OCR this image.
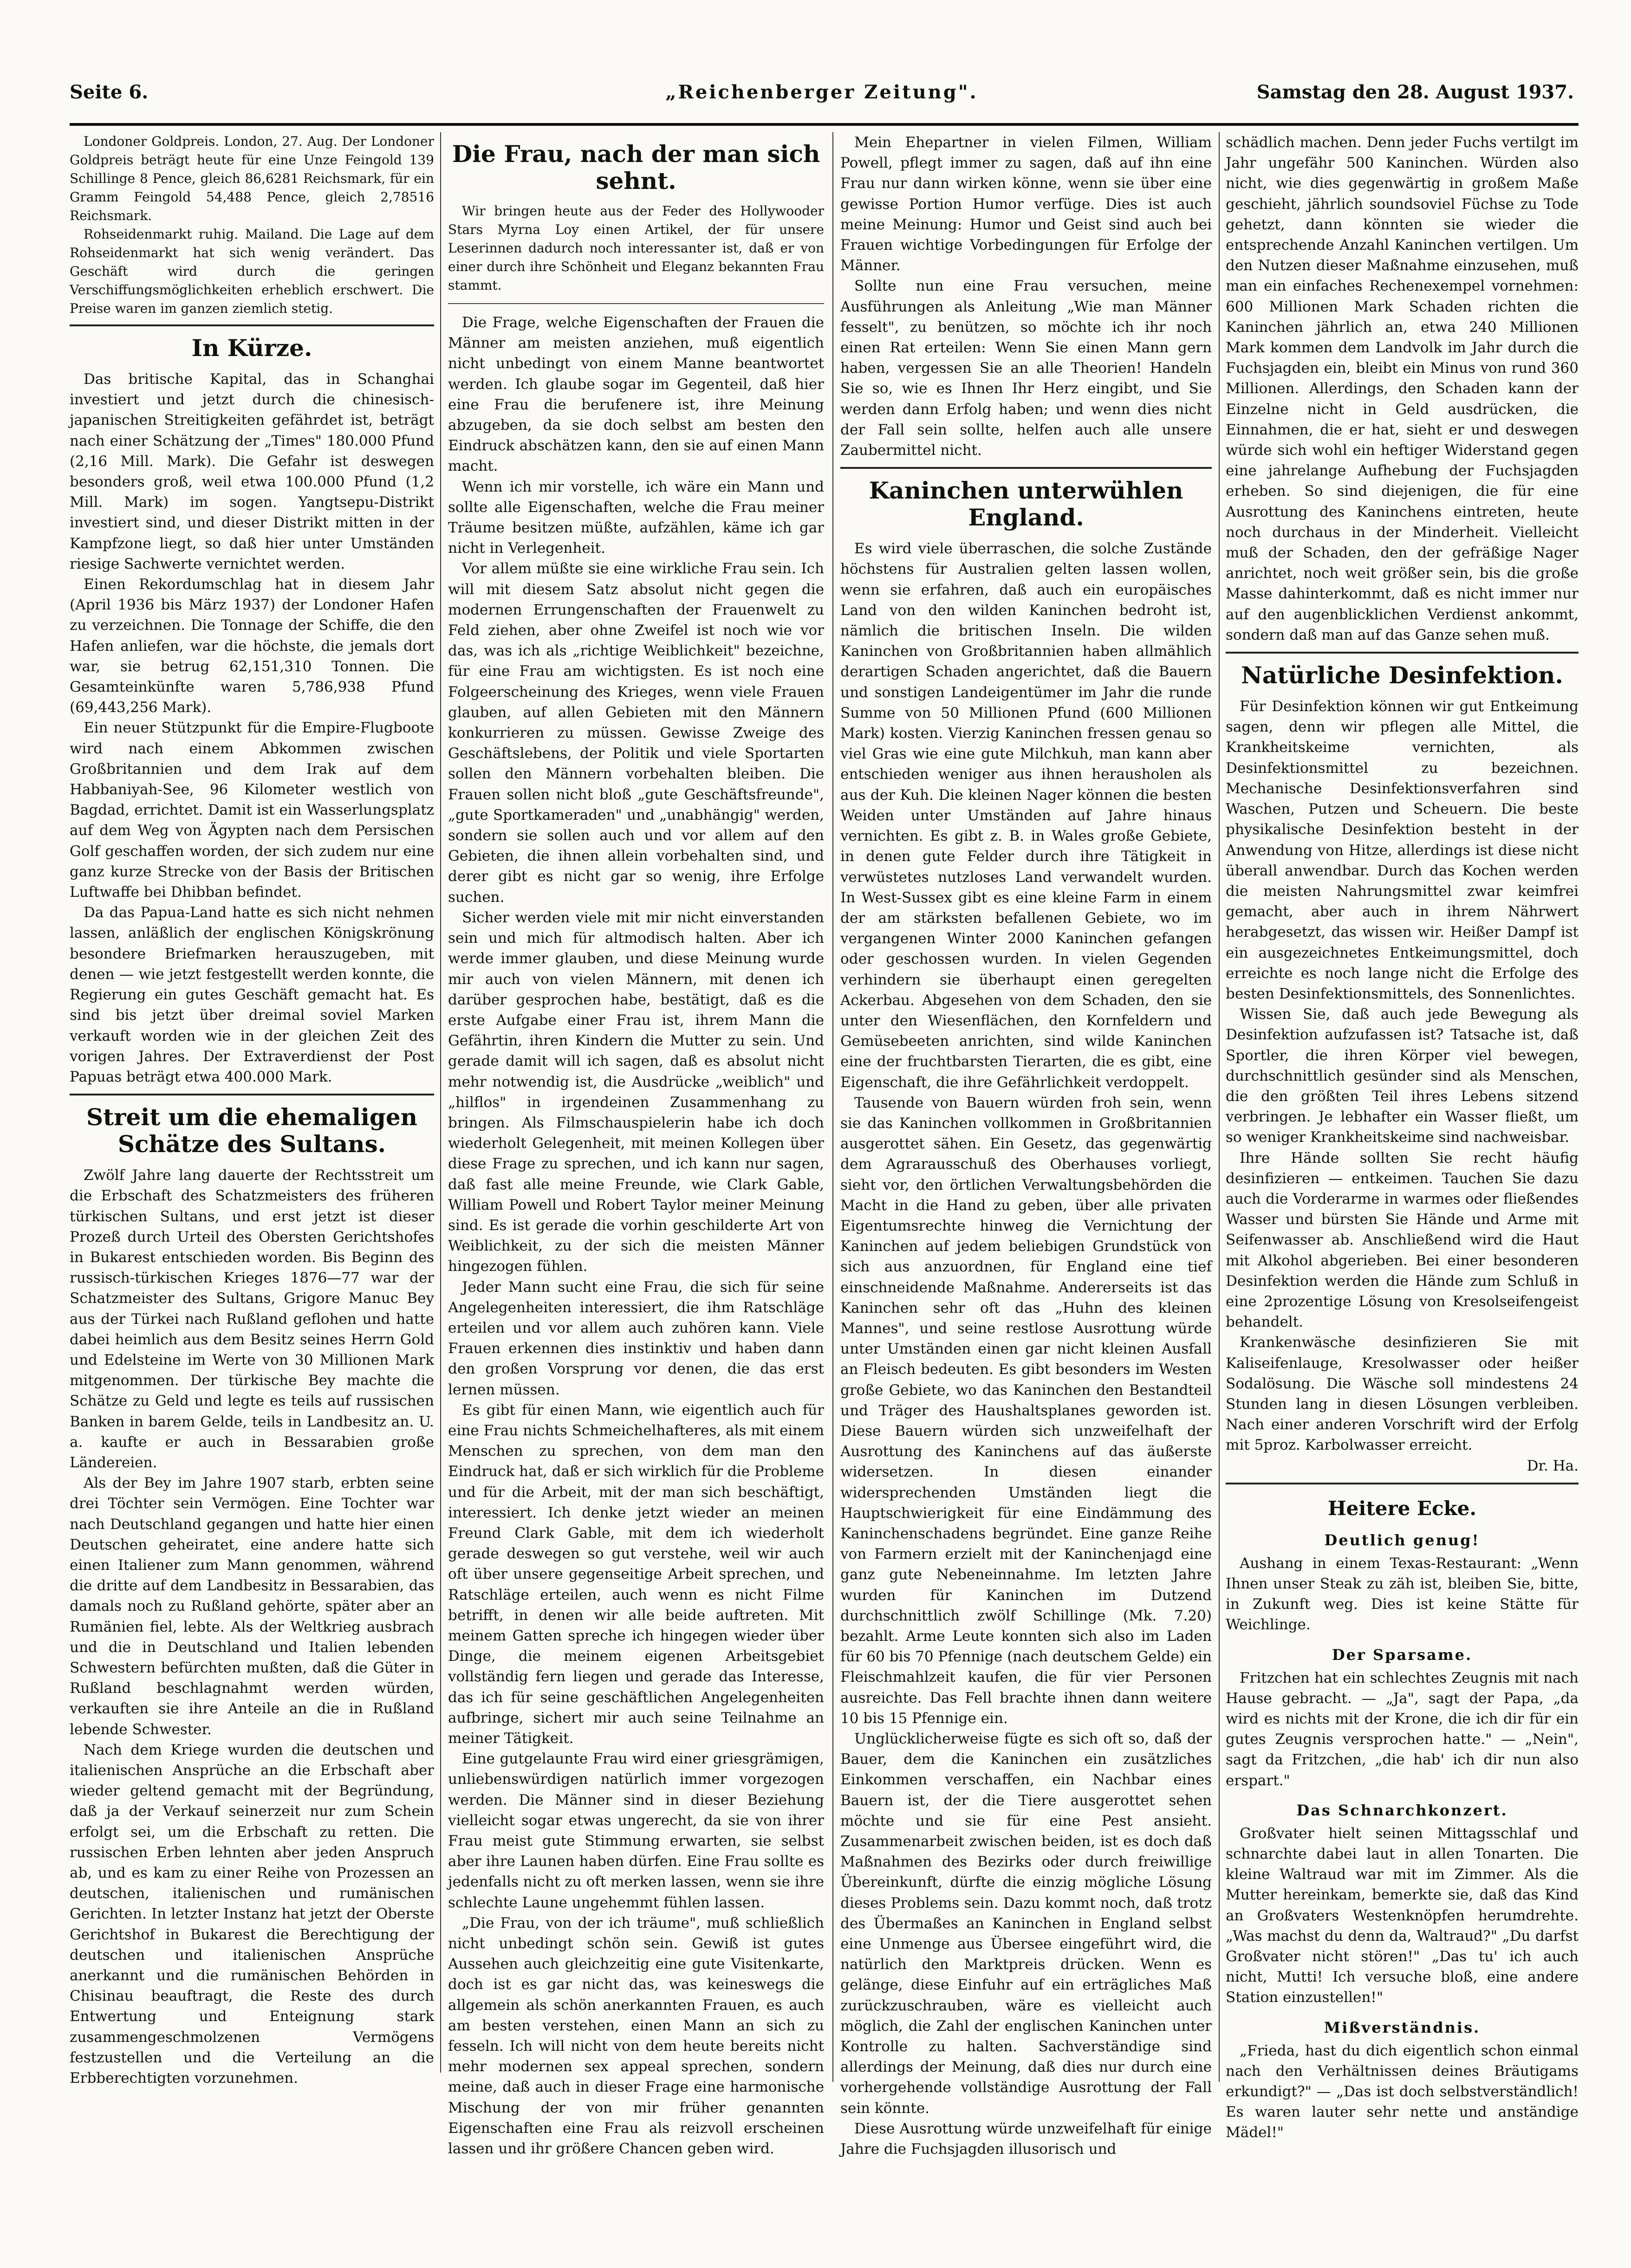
Seite 6.	„Reichenberger Zeitung".	Samstag den 28. August 1937.

Londoner Goldpreis. London, 27. Aug. Der Londoner Goldpreis beträgt heute für eine Unze Feingold 139 Schillinge 8 Pence, gleich 86,6281 Reichsmark, für ein Gramm Feingold 54,488 Pence, gleich 2,78516 Reichsmark.

Rohseidenmarkt ruhig. Mailand. Die Lage auf dem Rohseidenmarkt hat sich wenig verändert. Das Geschäft wird durch die geringen Verschiffungsmöglichkeiten erheblich erschwert. Die Preise waren im ganzen ziemlich stetig.

In Kürze.

Das britische Kapital, das in Schanghai investiert und jetzt durch die chinesisch-japanischen Streitigkeiten gefährdet ist, beträgt nach einer Schätzung der „Times" 180.000 Pfund (2,16 Mill. Mark). Die Gefahr ist deswegen besonders groß, weil etwa 100.000 Pfund (1,2 Mill. Mark) im sogen. Yangtsepu-Distrikt investiert sind, und dieser Distrikt mitten in der Kampfzone liegt, so daß hier unter Umständen riesige Sachwerte vernichtet werden.

Einen Rekordumschlag hat in diesem Jahr (April 1936 bis März 1937) der Londoner Hafen zu verzeichnen. Die Tonnage der Schiffe, die den Hafen anliefen, war die höchste, die jemals dort war, sie betrug 62,151,310 Tonnen. Die Gesamteinkünfte waren 5,786,938 Pfund (69,443,256 Mark).

Ein neuer Stützpunkt für die Empire-Flugboote wird nach einem Abkommen zwischen Großbritannien und dem Irak auf dem Habbaniyah-See, 96 Kilometer westlich von Bagdad, errichtet. Damit ist ein Wasserlungsplatz auf dem Weg von Ägypten nach dem Persischen Golf geschaffen worden, der sich zudem nur eine ganz kurze Strecke von der Basis der Britischen Luftwaffe bei Dhibban befindet.

Da das Papua-Land hatte es sich nicht nehmen lassen, anläßlich der englischen Königskrönung besondere Briefmarken herauszugeben, mit denen — wie jetzt festgestellt werden konnte, die Regierung ein gutes Geschäft gemacht hat. Es sind bis jetzt über dreimal soviel Marken verkauft worden wie in der gleichen Zeit des vorigen Jahres. Der Extraverdienst der Post Papuas beträgt etwa 400.000 Mark.

Streit um die ehemaligen Schätze des Sultans.

Zwölf Jahre lang dauerte der Rechtsstreit um die Erbschaft des Schatzmeisters des früheren türkischen Sultans, und erst jetzt ist dieser Prozeß durch Urteil des Obersten Gerichtshofes in Bukarest entschieden worden. Bis Beginn des russisch-türkischen Krieges 1876—77 war der Schatzmeister des Sultans, Grigore Manuc Bey aus der Türkei nach Rußland geflohen und hatte dabei heimlich aus dem Besitz seines Herrn Gold und Edelsteine im Werte von 30 Millionen Mark mitgenommen. Der türkische Bey machte die Schätze zu Geld und legte es teils auf russischen Banken in barem Gelde, teils in Landbesitz an. U. a. kaufte er auch in Bessarabien große Ländereien.

Als der Bey im Jahre 1907 starb, erbten seine drei Töchter sein Vermögen. Eine Tochter war nach Deutschland gegangen und hatte hier einen Deutschen geheiratet, eine andere hatte sich einen Italiener zum Mann genommen, während die dritte auf dem Landbesitz in Bessarabien, das damals noch zu Rußland gehörte, später aber an Rumänien fiel, lebte. Als der Weltkrieg ausbrach und die in Deutschland und Italien lebenden Schwestern befürchten mußten, daß die Güter in Rußland beschlagnahmt werden würden, verkauften sie ihre Anteile an die in Rußland lebende Schwester.

Nach dem Kriege wurden die deutschen und italienischen Ansprüche an die Erbschaft aber wieder geltend gemacht mit der Begründung, daß ja der Verkauf seinerzeit nur zum Schein erfolgt sei, um die Erbschaft zu retten. Die russischen Erben lehnten aber jeden Anspruch ab, und es kam zu einer Reihe von Prozessen an deutschen, italienischen und rumänischen Gerichten. In letzter Instanz hat jetzt der Oberste Gerichtshof in Bukarest die Berechtigung der deutschen und italienischen Ansprüche anerkannt und die rumänischen Behörden in Chisinau beauftragt, die Reste des durch Entwertung und Enteignung stark zusammengeschmolzenen Vermögens festzustellen und die Verteilung an die Erbberechtigten vorzunehmen.

Die Frau, nach der man sich sehnt.

Wir bringen heute aus der Feder des Hollywooder Stars Myrna Loy einen Artikel, der für unsere Leserinnen dadurch noch interessanter ist, daß er von einer durch ihre Schönheit und Eleganz bekannten Frau stammt.

Die Frage, welche Eigenschaften der Frauen die Männer am meisten anziehen, muß eigentlich nicht unbedingt von einem Manne beantwortet werden. Ich glaube sogar im Gegenteil, daß hier eine Frau die berufenere ist, ihre Meinung abzugeben, da sie doch selbst am besten den Eindruck abschätzen kann, den sie auf einen Mann macht.

Wenn ich mir vorstelle, ich wäre ein Mann und sollte alle Eigenschaften, welche die Frau meiner Träume besitzen müßte, aufzählen, käme ich gar nicht in Verlegenheit.

Vor allem müßte sie eine wirkliche Frau sein. Ich will mit diesem Satz absolut nicht gegen die modernen Errungenschaften der Frauenwelt zu Feld ziehen, aber ohne Zweifel ist noch wie vor das, was ich als „richtige Weiblichkeit" bezeichne, für eine Frau am wichtigsten. Es ist noch eine Folgeerscheinung des Krieges, wenn viele Frauen glauben, auf allen Gebieten mit den Männern konkurrieren zu müssen. Gewisse Zweige des Geschäftslebens, der Politik und viele Sportarten sollen den Männern vorbehalten bleiben. Die Frauen sollen nicht bloß „gute Geschäftsfreunde", „gute Sportkameraden" und „unabhängig" werden, sondern sie sollen auch und vor allem auf den Gebieten, die ihnen allein vorbehalten sind, und derer gibt es nicht gar so wenig, ihre Erfolge suchen.

Sicher werden viele mit mir nicht einverstanden sein und mich für altmodisch halten. Aber ich werde immer glauben, und diese Meinung wurde mir auch von vielen Männern, mit denen ich darüber gesprochen habe, bestätigt, daß es die erste Aufgabe einer Frau ist, ihrem Mann die Gefährtin, ihren Kindern die Mutter zu sein. Und gerade damit will ich sagen, daß es absolut nicht mehr notwendig ist, die Ausdrücke „weiblich" und „hilflos" in irgendeinen Zusammenhang zu bringen. Als Filmschauspielerin habe ich doch wiederholt Gelegenheit, mit meinen Kollegen über diese Frage zu sprechen, und ich kann nur sagen, daß fast alle meine Freunde, wie Clark Gable, William Powell und Robert Taylor meiner Meinung sind. Es ist gerade die vorhin geschilderte Art von Weiblichkeit, zu der sich die meisten Männer hingezogen fühlen.

Jeder Mann sucht eine Frau, die sich für seine Angelegenheiten interessiert, die ihm Ratschläge erteilen und vor allem auch zuhören kann. Viele Frauen erkennen dies instinktiv und haben dann den großen Vorsprung vor denen, die das erst lernen müssen.

Es gibt für einen Mann, wie eigentlich auch für eine Frau nichts Schmeichelhafteres, als mit einem Menschen zu sprechen, von dem man den Eindruck hat, daß er sich wirklich für die Probleme und für die Arbeit, mit der man sich beschäftigt, interessiert. Ich denke jetzt wieder an meinen Freund Clark Gable, mit dem ich wiederholt gerade deswegen so gut verstehe, weil wir auch oft über unsere gegenseitige Arbeit sprechen, und Ratschläge erteilen, auch wenn es nicht Filme betrifft, in denen wir alle beide auftreten. Mit meinem Gatten spreche ich hingegen wieder über Dinge, die meinem eigenen Arbeitsgebiet vollständig fern liegen und gerade das Interesse, das ich für seine geschäftlichen Angelegenheiten aufbringe, sichert mir auch seine Teilnahme an meiner Tätigkeit.

Eine gutgelaunte Frau wird einer griesgrämigen, unliebenswürdigen natürlich immer vorgezogen werden. Die Männer sind in dieser Beziehung vielleicht sogar etwas ungerecht, da sie von ihrer Frau meist gute Stimmung erwarten, sie selbst aber ihre Launen haben dürfen. Eine Frau sollte es jedenfalls nicht zu oft merken lassen, wenn sie ihre schlechte Laune ungehemmt fühlen lassen.

„Die Frau, von der ich träume", muß schließlich nicht unbedingt schön sein. Gewiß ist gutes Aussehen auch gleichzeitig eine gute Visitenkarte, doch ist es gar nicht das, was keineswegs die allgemein als schön anerkannten Frauen, es auch am besten verstehen, einen Mann an sich zu fesseln. Ich will nicht von dem heute bereits nicht mehr modernen sex appeal sprechen, sondern meine, daß auch in dieser Frage eine harmonische Mischung der von mir früher genannten Eigenschaften eine Frau als reizvoll erscheinen lassen und ihr größere Chancen geben wird.

Mein Ehepartner in vielen Filmen, William Powell, pflegt immer zu sagen, daß auf ihn eine Frau nur dann wirken könne, wenn sie über eine gewisse Portion Humor verfüge. Dies ist auch meine Meinung: Humor und Geist sind auch bei Frauen wichtige Vorbedingungen für Erfolge der Männer.

Sollte nun eine Frau versuchen, meine Ausführungen als Anleitung „Wie man Männer fesselt", zu benützen, so möchte ich ihr noch einen Rat erteilen: Wenn Sie einen Mann gern haben, vergessen Sie an alle Theorien! Handeln Sie so, wie es Ihnen Ihr Herz eingibt, und Sie werden dann Erfolg haben; und wenn dies nicht der Fall sein sollte, helfen auch alle unsere Zaubermittel nicht.

Kaninchen unterwühlen England.

Es wird viele überraschen, die solche Zustände höchstens für Australien gelten lassen wollen, wenn sie erfahren, daß auch ein europäisches Land von den wilden Kaninchen bedroht ist, nämlich die britischen Inseln. Die wilden Kaninchen von Großbritannien haben allmählich derartigen Schaden angerichtet, daß die Bauern und sonstigen Landeigentümer im Jahr die runde Summe von 50 Millionen Pfund (600 Millionen Mark) kosten. Vierzig Kaninchen fressen genau so viel Gras wie eine gute Milchkuh, man kann aber entschieden weniger aus ihnen herausholen als aus der Kuh. Die kleinen Nager können die besten Weiden unter Umständen auf Jahre hinaus vernichten. Es gibt z. B. in Wales große Gebiete, in denen gute Felder durch ihre Tätigkeit in verwüstetes nutzloses Land verwandelt wurden. In West-Sussex gibt es eine kleine Farm in einem der am stärksten befallenen Gebiete, wo im vergangenen Winter 2000 Kaninchen gefangen oder geschossen wurden. In vielen Gegenden verhindern sie überhaupt einen geregelten Ackerbau. Abgesehen von dem Schaden, den sie unter den Wiesenflächen, den Kornfeldern und Gemüsebeeten anrichten, sind wilde Kaninchen eine der fruchtbarsten Tierarten, die es gibt, eine Eigenschaft, die ihre Gefährlichkeit verdoppelt.

Tausende von Bauern würden froh sein, wenn sie das Kaninchen vollkommen in Großbritannien ausgerottet sähen. Ein Gesetz, das gegenwärtig dem Agrarausschuß des Oberhauses vorliegt, sieht vor, den örtlichen Verwaltungsbehörden die Macht in die Hand zu geben, über alle privaten Eigentumsrechte hinweg die Vernichtung der Kaninchen auf jedem beliebigen Grundstück von sich aus anzuordnen, für England eine tief einschneidende Maßnahme. Andererseits ist das Kaninchen sehr oft das „Huhn des kleinen Mannes", und seine restlose Ausrottung würde unter Umständen einen gar nicht kleinen Ausfall an Fleisch bedeuten. Es gibt besonders im Westen große Gebiete, wo das Kaninchen den Bestandteil und Träger des Haushaltsplanes geworden ist. Diese Bauern würden sich unzweifelhaft der Ausrottung des Kaninchens auf das äußerste widersetzen. In diesen einander widersprechenden Umständen liegt die Hauptschwierigkeit für eine Eindämmung des Kaninchenschadens begründet. Eine ganze Reihe von Farmern erzielt mit der Kaninchenjagd eine ganz gute Nebeneinnahme. Im letzten Jahre wurden für Kaninchen im Dutzend durchschnittlich zwölf Schillinge (Mk. 7.20) bezahlt. Arme Leute konnten sich also im Laden für 60 bis 70 Pfennige (nach deutschem Gelde) ein Fleischmahlzeit kaufen, die für vier Personen ausreichte. Das Fell brachte ihnen dann weitere 10 bis 15 Pfennige ein.

Unglücklicherweise fügte es sich oft so, daß der Bauer, dem die Kaninchen ein zusätzliches Einkommen verschaffen, ein Nachbar eines Bauern ist, der die Tiere ausgerottet sehen möchte und sie für eine Pest ansieht. Zusammenarbeit zwischen beiden, ist es doch daß Maßnahmen des Bezirks oder durch freiwillige Übereinkunft, dürfte die einzig mögliche Lösung dieses Problems sein. Dazu kommt noch, daß trotz des Übermaßes an Kaninchen in England selbst eine Unmenge aus Übersee eingeführt wird, die natürlich den Marktpreis drücken. Wenn es gelänge, diese Einfuhr auf ein erträgliches Maß zurückzuschrauben, wäre es vielleicht auch möglich, die Zahl der englischen Kaninchen unter Kontrolle zu halten. Sachverständige sind allerdings der Meinung, daß dies nur durch eine vorhergehende vollständige Ausrottung der Fall sein könnte.

Diese Ausrottung würde unzweifelhaft für einige Jahre die Fuchsjagden illusorisch und

schädlich machen. Denn jeder Fuchs vertilgt im Jahr ungefähr 500 Kaninchen. Würden also nicht, wie dies gegenwärtig in großem Maße geschieht, jährlich soundsoviel Füchse zu Tode gehetzt, dann könnten sie wieder die entsprechende Anzahl Kaninchen vertilgen. Um den Nutzen dieser Maßnahme einzusehen, muß man ein einfaches Rechenexempel vornehmen: 600 Millionen Mark Schaden richten die Kaninchen jährlich an, etwa 240 Millionen Mark kommen dem Landvolk im Jahr durch die Fuchsjagden ein, bleibt ein Minus von rund 360 Millionen. Allerdings, den Schaden kann der Einzelne nicht in Geld ausdrücken, die Einnahmen, die er hat, sieht er und deswegen würde sich wohl ein heftiger Widerstand gegen eine jahrelange Aufhebung der Fuchsjagden erheben. So sind diejenigen, die für eine Ausrottung des Kaninchens eintreten, heute noch durchaus in der Minderheit. Vielleicht muß der Schaden, den der gefräßige Nager anrichtet, noch weit größer sein, bis die große Masse dahinterkommt, daß es nicht immer nur auf den augenblicklichen Verdienst ankommt, sondern daß man auf das Ganze sehen muß.

Natürliche Desinfektion.

Für Desinfektion können wir gut Entkeimung sagen, denn wir pflegen alle Mittel, die Krankheitskeime vernichten, als Desinfektionsmittel zu bezeichnen. Mechanische Desinfektionsverfahren sind Waschen, Putzen und Scheuern. Die beste physikalische Desinfektion besteht in der Anwendung von Hitze, allerdings ist diese nicht überall anwendbar. Durch das Kochen werden die meisten Nahrungsmittel zwar keimfrei gemacht, aber auch in ihrem Nährwert herabgesetzt, das wissen wir. Heißer Dampf ist ein ausgezeichnetes Entkeimungsmittel, doch erreichte es noch lange nicht die Erfolge des besten Desinfektionsmittels, des Sonnenlichtes.

Wissen Sie, daß auch jede Bewegung als Desinfektion aufzufassen ist? Tatsache ist, daß Sportler, die ihren Körper viel bewegen, durchschnittlich gesünder sind als Menschen, die den größten Teil ihres Lebens sitzend verbringen. Je lebhafter ein Wasser fließt, um so weniger Krankheitskeime sind nachweisbar.

Ihre Hände sollten Sie recht häufig desinfizieren — entkeimen. Tauchen Sie dazu auch die Vorderarme in warmes oder fließendes Wasser und bürsten Sie Hände und Arme mit Seifenwasser ab. Anschließend wird die Haut mit Alkohol abgerieben. Bei einer besonderen Desinfektion werden die Hände zum Schluß in eine 2prozentige Lösung von Kresolseifengeist behandelt.

Krankenwäsche desinfizieren Sie mit Kaliseifenlauge, Kresolwasser oder heißer Sodalösung. Die Wäsche soll mindestens 24 Stunden lang in diesen Lösungen verbleiben. Nach einer anderen Vorschrift wird der Erfolg mit 5proz. Karbolwasser erreicht.

Dr. Ha.

Heitere Ecke.
Deutlich genug!

Aushang in einem Texas-Restaurant: „Wenn Ihnen unser Steak zu zäh ist, bleiben Sie, bitte, in Zukunft weg. Dies ist keine Stätte für Weichlinge.

Der Sparsame.

Fritzchen hat ein schlechtes Zeugnis mit nach Hause gebracht. — „Ja", sagt der Papa, „da wird es nichts mit der Krone, die ich dir für ein gutes Zeugnis versprochen hatte." — „Nein", sagt da Fritzchen, „die hab' ich dir nun also erspart."

Das Schnarchkonzert.

Großvater hielt seinen Mittagsschlaf und schnarchte dabei laut in allen Tonarten. Die kleine Waltraud war mit im Zimmer. Als die Mutter hereinkam, bemerkte sie, daß das Kind an Großvaters Westenknöpfen herumdrehte. „Was machst du denn da, Waltraud?" „Du darfst Großvater nicht stören!" „Das tu' ich auch nicht, Mutti! Ich versuche bloß, eine andere Station einzustellen!"

Mißverständnis.

„Frieda, hast du dich eigentlich schon einmal nach den Verhältnissen deines Bräutigams erkundigt?" — „Das ist doch selbstverständlich! Es waren lauter sehr nette und anständige Mädel!"
